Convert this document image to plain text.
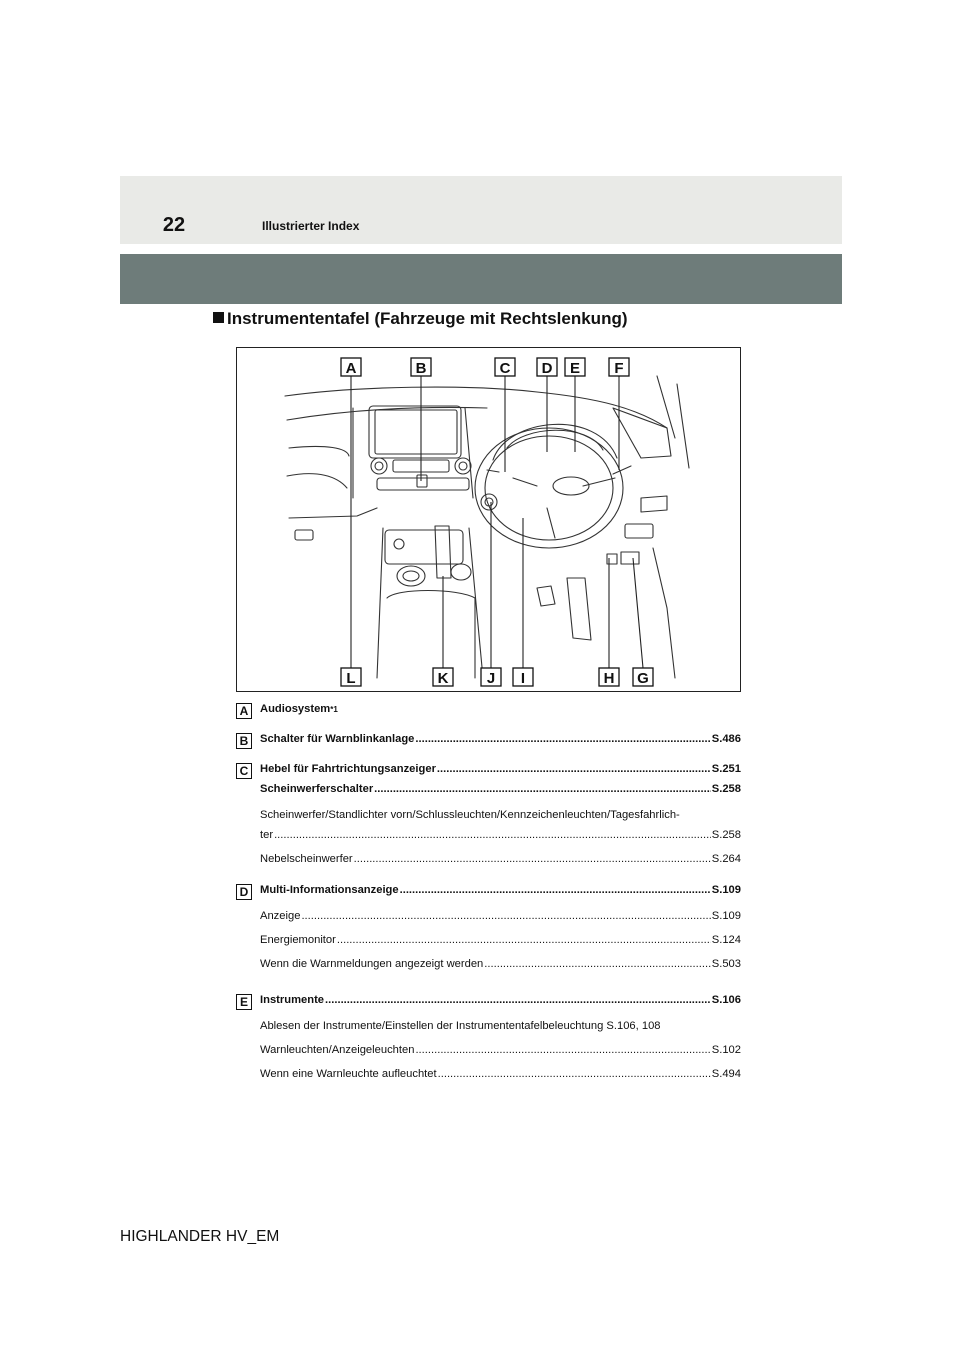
22	Illustrierter Index
Instrumententafel (Fahrzeuge mit Rechtslenkung)
A	B	C D E F
L	K	J I	H G
A	Audiosystem *1
B	Schalter für Warnblinkanlage .....	S.486
C	Hebel für Fahrtrichtungsanzeiger .....	S.251
Scheinwerferschalter .....	S.258
Scheinwerfer/Standlichter vorn/Schlussleuchten/Kennzeichenleuchten/Tagesfahrlich-
ter .....	S.258
Nebelscheinwerfer .....	S.264
D	Multi-Informationsanzeige .....	S.109
Anzeige .....	S.109
Energiemonitor .....	S.124
Wenn die Warnmeldungen angezeigt werden .....	S.503
E	Instrumente .....	S.106
Ablesen der Instrumente/Einstellen der Instrumententafelbeleuchtung S.106, 108
Warnleuchten/Anzeigeleuchten .....	S.102
Wenn eine Warnleuchte aufleuchtet .....	S.494
HIGHLANDER HV_EM
